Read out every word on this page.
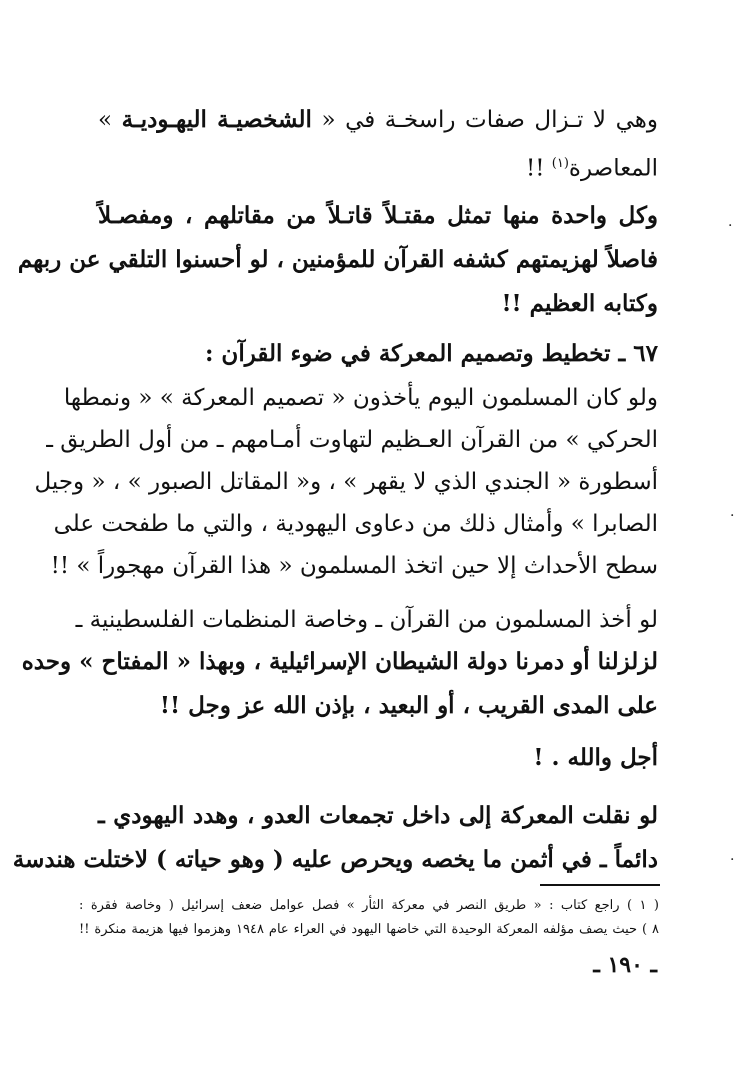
وهي لا تـزال صفات راسخـة في « الشخصيـة اليهـوديـة »
المعاصرة$^{(١)}$ !!
وكل واحدة منها تمثل مقتـلاً قاتـلاً من مقاتلهم ، ومفصـلاً
فاصلاً لهزيمتهم كشفه القرآن للمؤمنين ، لو أحسنوا التلقي عن ربهم
وكتابه العظيم !!
٦٧ ـ تخطيط وتصميم المعركة في ضوء القرآن :
ولو كان المسلمون اليوم يأخذون « تصميم المعركة » « ونمطها
الحركي » من القرآن العـظيم لتهاوت أمـامهم ـ من أول الطريق ـ
أسطورة « الجندي الذي لا يقهر » ، و« المقاتل الصبور » ، « وجيل
الصابرا » وأمثال ذلك من دعاوى اليهودية ، والتي ما طفحت على
سطح الأحداث إلا حين اتخذ المسلمون « هذا القرآن مهجوراً » !!
لو أخذ المسلمون من القرآن ـ وخاصة المنظمات الفلسطينية ـ
لزلزلنا أو دمرنا دولة الشيطان الإسرائيلية ، وبهذا « المفتاح » وحده
على المدى القريب ، أو البعيد ، بإذن الله عز وجل !!
أجل والله . !
لو نقلت المعركة إلى داخل تجمعات العدو ، وهدد اليهودي ـ
دائماً ـ في أثمن ما يخصه ويحرص عليه ( وهو حياته ) لاختلت هندسة
( ١ ) راجع كتاب : « طريق النصر في معركة الثأر » فصل عوامل ضعف إسرائيل ( وخاصة فقرة :
٨ ) حيث يصف مؤلفه المعركة الوحيدة التي خاضها اليهود في العراء عام ١٩٤٨ وهزموا فيها هزيمة منكرة !!
ـ ١٩٠ ـ
·
·
·
